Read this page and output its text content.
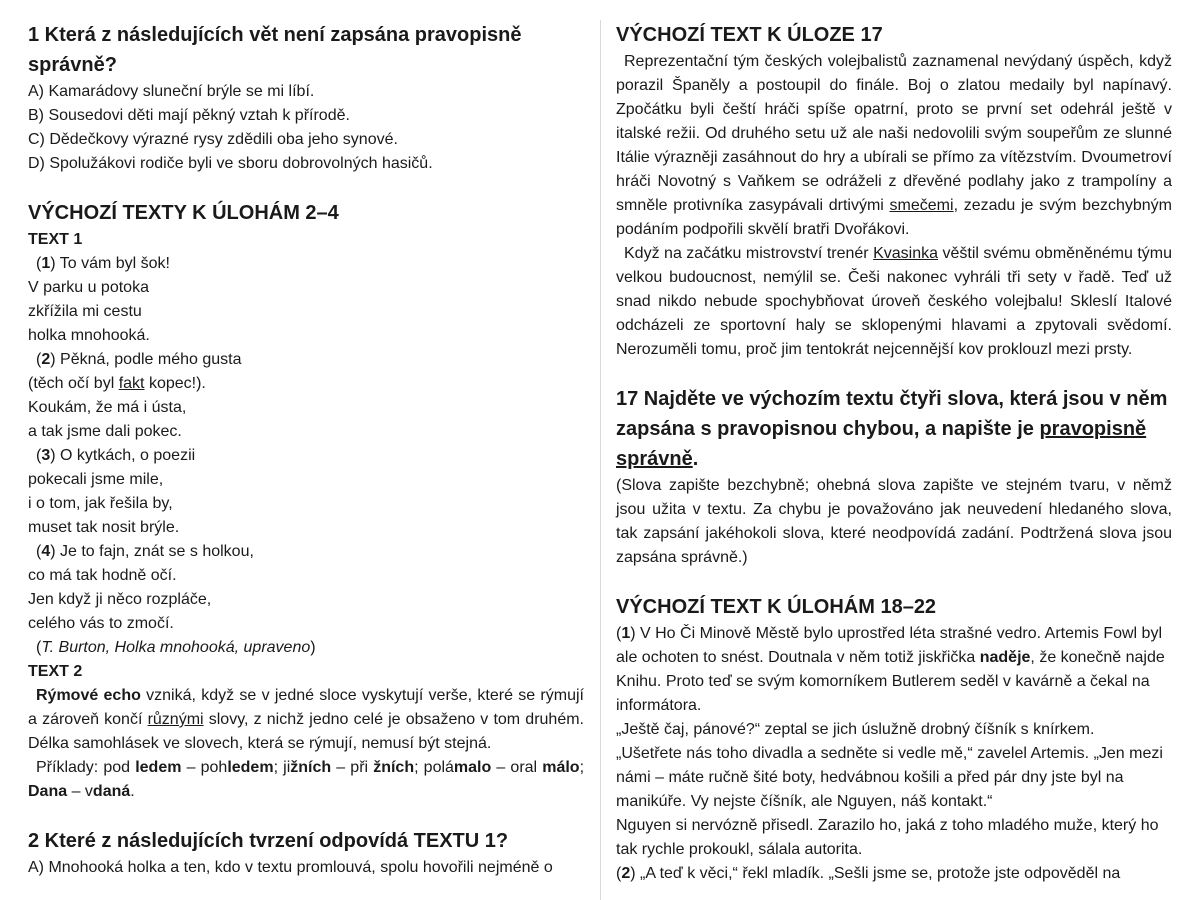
1 Která z následujících vět není zapsána pravopisně správně?
A) Kamarádovy sluneční brýle se mi líbí.
B) Sousedovi děti mají pěkný vztah k přírodě.
C) Dědečkovy výrazné rysy zdědili oba jeho synové.
D) Spolužákovi rodiče byli ve sboru dobrovolných hasičů.
VÝCHOZÍ TEXTY K ÚLOHÁM 2–4
TEXT 1
(1) To vám byl šok!
V parku u potoka
zkřížila mi cestu
holka mnohooká.
(2) Pěkná, podle mého gusta
(těch očí byl fakt kopec!).
Koukám, že má i ústa,
a tak jsme dali pokec.
(3) O kytkách, o poezii
pokecali jsme mile,
i o tom, jak řešila by,
muset tak nosit brýle.
(4) Je to fajn, znát se s holkou,
co má tak hodně očí.
Jen když ji něco rozpláče,
celého vás to zmočí.
(T. Burton, Holka mnohooká, upraveno)
TEXT 2
Rýmové echo vzniká, když se v jedné sloce vyskytují verše, které se rýmují a zároveň končí různými slovy, z nichž jedno celé je obsaženo v tom druhém. Délka samohlásek ve slovech, která se rýmují, nemusí být stejná.
Příklady: pod ledem – pohledem; jižních – při žních; polámalo – oral málo; Dana – vdaná.
2 Které z následujících tvrzení odpovídá TEXTU 1?
A) Mnohooká holka a ten, kdo v textu promlouvá, spolu hovořili nejméně o
VÝCHOZÍ TEXT K ÚLOZE 17
Reprezentační tým českých volejbalistů zaznamenal nevýdaný úspěch, když porazil Španěly a postoupil do finále. Boj o zlatou medaily byl napínavý. Zpočátku byli čeští hráči spíše opatrní, proto se první set odehrál ještě v italské režii. Od druhého setu už ale naši nedovolili svým soupeřům ze slunné Itálie výrazněji zasáhnout do hry a ubírali se přímo za vítězstvím. Dvoumetroví hráči Novotný s Vaňkem se odráželi z dřevěné podlahy jako z trampolíny a smněle protivníka zasypávali drtivými smečemi, zezadu je svým bezchybným podáním podpořili skvělí bratři Dvořákovi.
Když na začátku mistrovství trenér Kvasinka věštil svému obměněnému týmu velkou budoucnost, nemýlil se. Češi nakonec vyhráli tři sety v řadě. Teď už snad nikdo nebude spochybňovat úroveň českého volejbalu! Skleslí Italové odcházeli ze sportovní haly se sklopenými hlavami a zpytovali svědomí. Nerozuměli tomu, proč jim tentokrát nejcennější kov proklouzl mezi prsty.
17 Najděte ve výchozím textu čtyři slova, která jsou v něm zapsána s pravopisnou chybou, a napište je pravopisně správně.
(Slova zapište bezchybně; ohebná slova zapište ve stejném tvaru, v němž jsou užita v textu. Za chybu je považováno jak neuvedení hledaného slova, tak zapsání jakéhokoli slova, které neodpovídá zadání. Podtržená slova jsou zapsána správně.)
VÝCHOZÍ TEXT K ÚLOHÁM 18–22
(1) V Ho Či Minově Městě bylo uprostřed léta strašné vedro. Artemis Fowl byl ale ochoten to snést. Doutnala v něm totiž jiskřička naděje, že konečně najde Knihu. Proto teď se svým komorníkem Butlerem seděl v kavárně a čekal na informátora.
„Ještě čaj, pánové?“ zeptal se jich úslužně drobný číšník s knírkem.
„Ušetřete nás toho divadla a sedněte si vedle mě,“ zavelel Artemis. „Jen mezi námi – máte ručně šité boty, hedvábnou košili a před pár dny jste byl na manikúře. Vy nejste číšník, ale Nguyen, náš kontakt.“
Nguyen si nervózně přisedl. Zarazilo ho, jaká z toho mladého muže, který ho tak rychle prokoukl, sálala autorita.
(2) „A teď k věci,“ řekl mladík. „Sešli jsme se, protože jste odpověděl na
